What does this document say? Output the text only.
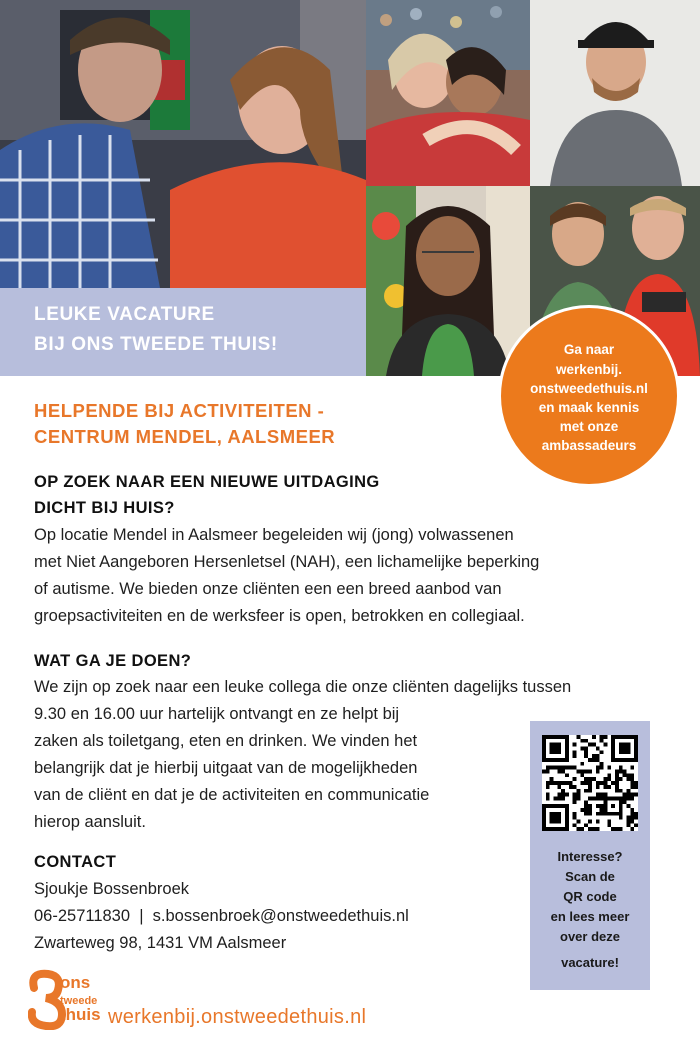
LEUKE VACATURE
BIJ ONS TWEEDE THUIS!	Ga naar
werkenbij.
onstweedethuis.nl
en maak kennis
met onze
ambassadeurs
HELPENDE BIJ ACTIVITEITEN -
CENTRUM MENDEL, AALSMEER
OP ZOEK NAAR EEN NIEUWE UITDAGING
DICHT BIJ HUIS?
Op locatie Mendel in Aalsmeer begeleiden wij (jong) volwassenen
met Niet Aangeboren Hersenletsel (NAH), een lichamelijke beperking
of autisme. We bieden onze cliënten een een breed aanbod van
groepsactiviteiten en de werksfeer is open, betrokken en collegiaal.
WAT GA JE DOEN?
We zijn op zoek naar een leuke collega die onze cliënten dagelijks tussen
9.30 en 16.00 uur hartelijk ontvangt en ze helpt bij
zaken als toiletgang, eten en drinken. We vinden het
belangrijk dat je hierbij uitgaat van de mogelijkheden
van de cliënt en dat je de activiteiten en communicatie
hierop aansluit.
CONTACT
Sjoukje Bossenbroek
06-25711830  |  s.bossenbroek@onstweedethuis.nl
Zwarteweg 98, 1431 VM Aalsmeer
Interesse?
Scan de
QR code
en lees meer
over deze
vacature!
ons
tweede
thuis werkenbij.onstweedethuis.nl
